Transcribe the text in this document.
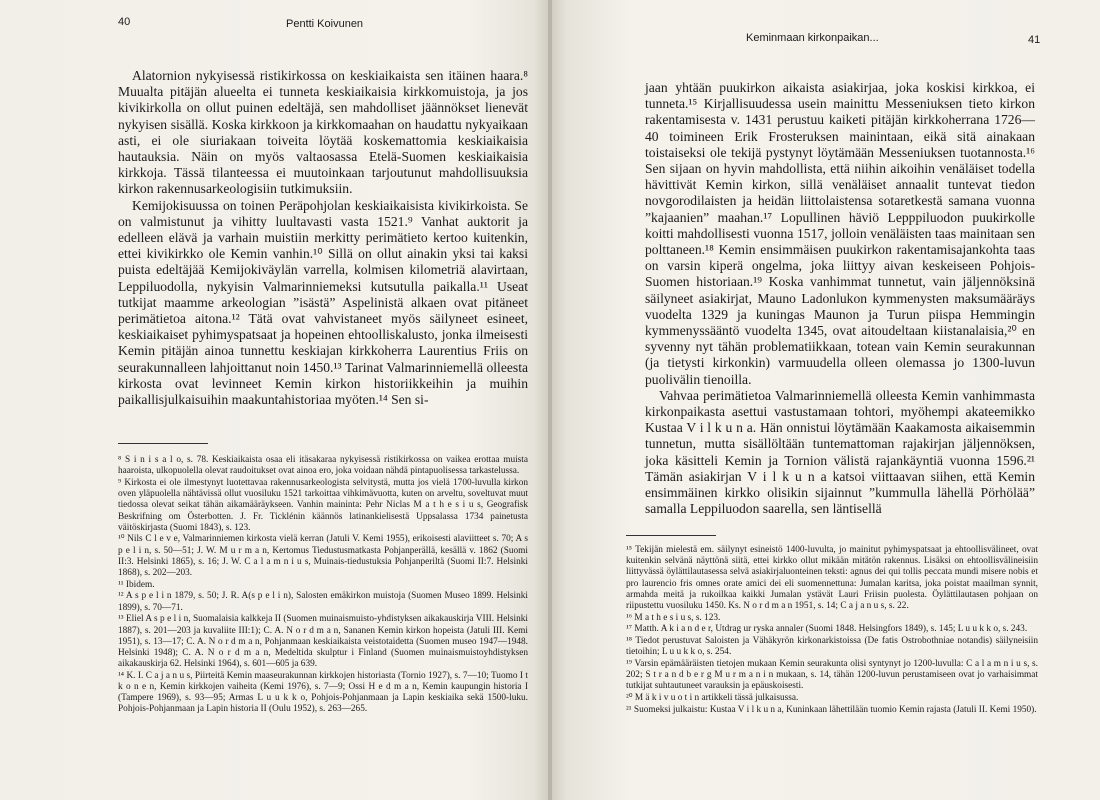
40	Pentti Koivunen

Alatornion nykyisessä ristikirkossa on keskiaikaista sen itäinen haara.⁸ Muualta pitäjän alueelta ei tunneta keskiaikaisia kirkkomuistoja, ja jos kivikirkolla on ollut puinen edeltäjä, sen mahdolliset jäännökset lienevät nykyisen sisällä. Koska kirkkoon ja kirkkomaahan on haudattu nykyaikaan asti, ei ole siuriakaan toiveita löytää koskemattomia keskiaikaisia hautauksia. Näin on myös valtaosassa Etelä-Suomen keskiaikaisia kirkkoja. Tässä tilanteessa ei muutoinkaan tarjoutunut mahdollisuuksia kirkon rakennusarkeologisiin tutkimuksiin.

Kemijokisuussa on toinen Peräpohjolan keskiaikaisista kivikirkoista. Se on valmistunut ja vihitty luultavasti vasta 1521.⁹ Vanhat auktorit ja edelleen elävä ja varhain muistiin merkitty perimätieto kertoo kuitenkin, ettei kivikirkko ole Kemin vanhin.¹⁰ Sillä on ollut ainakin yksi tai kaksi puista edeltäjää Kemijokiväylän varrella, kolmisen kilometriä alavirtaan, Leppiluodolla, nykyisin Valmarinniemeksi kutsutulla paikalla.¹¹ Useat tutkijat maamme arkeologian ”isästä” Aspelinistä alkaen ovat pitäneet perimätietoa aitona.¹² Tätä ovat vahvistaneet myös säilyneet esineet, keskiaikaiset pyhimyspatsaat ja hopeinen ehtoolliskalusto, jonka ilmeisesti Kemin pitäjän ainoa tunnettu keskiajan kirkkoherra Laurentius Friis on seurakunnalleen lahjoittanut noin 1450.¹³ Tarinat Valmarinniemellä olleesta kirkosta ovat levinneet Kemin kirkon historiikkeihin ja muihin paikallisjulkaisuihin maakuntahistoriaa myöten.¹⁴ Sen si-

⁸ S i n i s a l o, s. 78. Keskiaikaista osaa eli itäsakaraa nykyisessä ristikirkossa on vaikea erottaa muista haaroista, ulkopuolella olevat raudoitukset ovat ainoa ero, joka voidaan nähdä pintapuolisessa tarkastelussa.

⁹ Kirkosta ei ole ilmestynyt luotettavaa rakennusarkeologista selvitystä, mutta jos vielä 1700-luvulla kirkon oven yläpuolella nähtävissä ollut vuosiluku 1521 tarkoittaa vihkimävuotta, kuten on arveltu, soveltuvat muut tiedossa olevat seikat tähän aikamääräykseen. Vanhin maininta: Pehr Niclas M a t h e s i u s, Geografisk Beskrifning om Österbotten. J. Fr. Ticklénin käännös latinankielisestä Uppsalassa 1734 painetusta väitöskirjasta (Suomi 1843), s. 123.

¹⁰ Nils C l e v e, Valmarinniemen kirkosta vielä kerran (Jatuli V. Kemi 1955), erikoisesti alaviitteet s. 70; A s p e l i n, s. 50—51; J. W. M u r m a n, Kertomus Tiedustusmatkasta Pohjanperällä, kesällä v. 1862 (Suomi II:3. Helsinki 1865), s. 16; J. W. C a l a m n i u s, Muinais-tiedustuksia Pohjanperiltä (Suomi II:7. Helsinki 1868), s. 202—203.

¹¹ Ibidem.

¹² A s p e l i n 1879, s. 50; J. R. A(s p e l i n), Salosten emäkirkon muistoja (Suomen Museo 1899. Helsinki 1899), s. 70—71.

¹³ Eliel A s p e l i n, Suomalaisia kalkkeja II (Suomen muinaismuisto-yhdistyksen aikakauskirja VIII. Helsinki 1887), s. 201—203 ja kuvaliite III:1); C. A. N o r d m a n, Sananen Kemin kirkon hopeista (Jatuli III. Kemi 1951), s. 13—17; C. A. N o r d m a n, Pohjanmaan keskiaikaista veistotaidetta (Suomen museo 1947—1948. Helsinki 1948); C. A. N o r d m a n, Medeltida skulptur i Finland (Suomen muinaismuistoyhdistyksen aikakauskirja 62. Helsinki 1964), s. 601—605 ja 639.

¹⁴ K. I. C a j a n u s, Piirteitä Kemin maaseurakunnan kirkkojen historiasta (Tornio 1927), s. 7—10; Tuomo I t k o n e n, Kemin kirkkojen vaiheita (Kemi 1976), s. 7—9; Ossi H e d m a n, Kemin kaupungin historia I (Tampere 1969), s. 93—95; Armas L u u k k o, Pohjois-Pohjanmaan ja Lapin keskiaika sekä 1500-luku. Pohjois-Pohjanmaan ja Lapin historia II (Oulu 1952), s. 263—265.

Keminmaan kirkonpaikan...	41

jaan yhtään puukirkon aikaista asiakirjaa, joka koskisi kirkkoa, ei tunneta.¹⁵ Kirjallisuudessa usein mainittu Messeniuksen tieto kirkon rakentamisesta v. 1431 perustuu kaiketi pitäjän kirkkoherrana 1726—40 toimineen Erik Frosteruksen mainintaan, eikä sitä ainakaan toistaiseksi ole tekijä pystynyt löytämään Messeniuksen tuotannosta.¹⁶ Sen sijaan on hyvin mahdollista, että niihin aikoihin venäläiset todella hävittivät Kemin kirkon, sillä venäläiset annaalit tuntevat tiedon novgorodilaisten ja heidän liittolaistensa sotaretkestä samana vuonna ”kajaanien” maahan.¹⁷ Lopullinen häviö Lepppiluodon puukirkolle koitti mahdollisesti vuonna 1517, jolloin venäläisten taas mainitaan sen polttaneen.¹⁸ Kemin ensimmäisen puukirkon rakentamisajankohta taas on varsin kiperä ongelma, joka liittyy aivan keskeiseen Pohjois-Suomen historiaan.¹⁹ Koska vanhimmat tunnetut, vain jäljennöksinä säilyneet asiakirjat, Mauno Ladonlukon kymmenysten maksumääräys vuodelta 1329 ja kuningas Maunon ja Turun piispa Hemmingin kymmenyssääntö vuodelta 1345, ovat aitoudeltaan kiistanalaisia,²⁰ en syvenny nyt tähän problematiikkaan, totean vain Kemin seurakunnan (ja tietysti kirkonkin) varmuudella olleen olemassa jo 1300-luvun puolivälin tienoilla.

Vahvaa perimätietoa Valmarinniemellä olleesta Kemin vanhimmasta kirkonpaikasta asettui vastustamaan tohtori, myöhempi akateemikko Kustaa V i l k u n a. Hän onnistui löytämään Kaakamosta aikaisemmin tunnetun, mutta sisällöltään tuntemattoman rajakirjan jäljennöksen, joka käsitteli Kemin ja Tornion välistä rajankäyntiä vuonna 1596.²¹ Tämän asiakirjan V i l k u n a katsoi viittaavan siihen, että Kemin ensimmäinen kirkko olisikin sijainnut ”kummulla lähellä Pörhölää” samalla Leppiluodon saarella, sen läntisellä

¹⁵ Tekijän mielestä em. säilynyt esineistö 1400-luvulta, jo mainitut pyhimyspatsaat ja ehtoollisvälineet, ovat kuitenkin selvänä näyttönä siitä, ettei kirkko ollut mikään mitätön rakennus. Lisäksi on ehtoollisvälineisiin liittyvässä öylättilautasessa selvä asiakirjaluonteinen teksti: agnus dei qui tollis peccata mundi misere nobis et pro laurencio fris omnes orate amici dei eli suomennettuna: Jumalan karitsa, joka poistat maailman synnit, armahda meitä ja rukoilkaa kaikki Jumalan ystävät Lauri Friisin puolesta. Öylättilautasen pohjaan on riipustettu vuosiluku 1450. Ks. N o r d m a n 1951, s. 14; C a j a n u s, s. 22.

¹⁶ M a t h e s i u s, s. 123.

¹⁷ Matth. A k i a n d e r, Utdrag ur ryska annaler (Suomi 1848. Helsingfors 1849), s. 145; L u u k k o, s. 243.

¹⁸ Tiedot perustuvat Saloisten ja Vähäkyrön kirkonarkistoissa (De fatis Ostrobothniae notandis) säilyneisiin tietoihin; L u u k k o, s. 254.

¹⁹ Varsin epämääräisten tietojen mukaan Kemin seurakunta olisi syntynyt jo 1200-luvulla: C a l a m n i u s, s. 202; S t r a n d b e r g M u r m a n i n mukaan, s. 14, tähän 1200-luvun perustamiseen ovat jo varhaisimmat tutkijat suhtautuneet varauksin ja epäuskoisesti.

²⁰ M ä k i v u o t i n artikkeli tässä julkaisussa.

²¹ Suomeksi julkaistu: Kustaa V i l k u n a, Kuninkaan lähettilään tuomio Kemin rajasta (Jatuli II. Kemi 1950).
